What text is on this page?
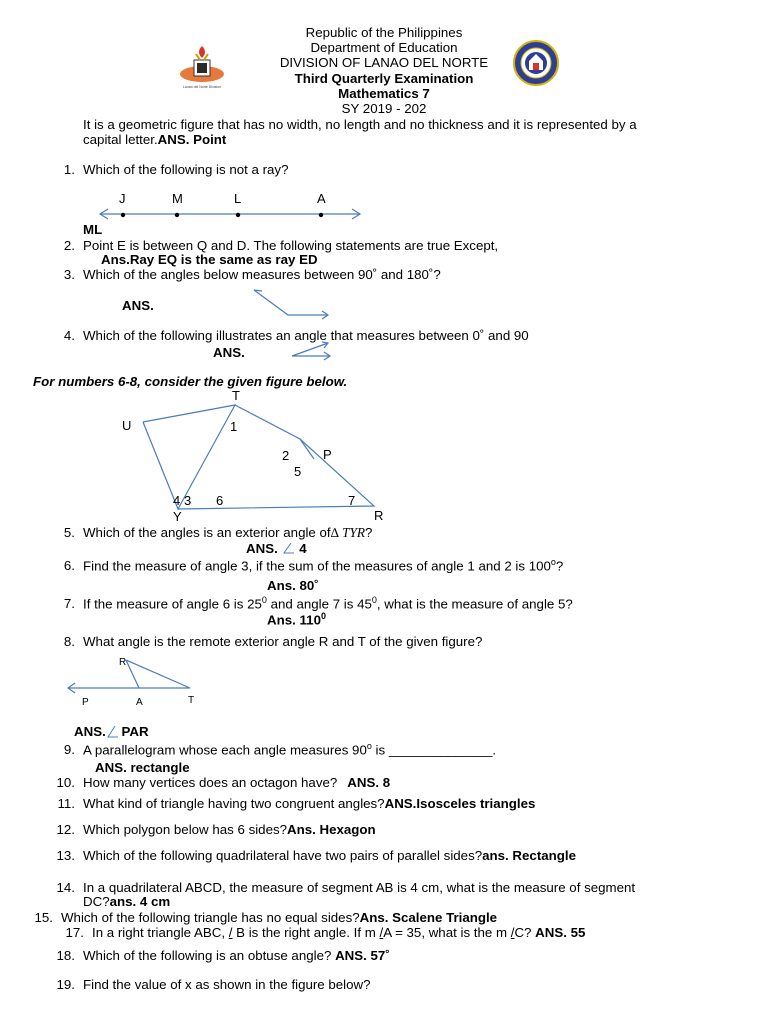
Republic of the Philippines
Department of Education
DIVISION OF LANAO DEL NORTE
Third Quarterly Examination
Mathematics 7
SY 2019 - 202
Lanao del Norte Division
It is a geometric figure that has no width, no length and no thickness and it is represented by a
capital letter.ANS. Point
1. Which of the following is not a ray?
J	M	L	A
ML
2. Point E is between Q and D. The following statements are true Except,
Ans.Ray EQ is the same as ray ED
3. Which of the angles below measures between 90˚ and 180˚?
ANS.
4. Which of the following illustrates an angle that measures between 0˚ and 90
ANS.
For numbers 6-8, consider the given figure below.
T
U
P
Y	R
1
2
5
4 3 6	7
5. Which of the angles is an exterior angle of∆ TYR?
ANS. 4
6. Find the measure of angle 3, if the sum of the measures of angle 1 and 2 is 100$^o$?
Ans. 80˚
7. If the measure of angle 6 is $25^0$ and angle 7 is $45^0$, what is the measure of angle 5?
Ans. $110^0$
8. What angle is the remote exterior angle R and T of the given figure?
R
P	A	T
ANS. PAR
9. A parallelogram whose each angle measures 90$^o$ is ______________.
ANS. rectangle
10. How many vertices does an octagon have? ANS. 8
11. What kind of triangle having two congruent angles?ANS.Isosceles triangles
12. Which polygon below has 6 sides?Ans. Hexagon
13. Which of the following quadrilateral have two pairs of parallel sides?ans. Rectangle
14. In a quadrilateral ABCD, the measure of segment AB is 4 cm, what is the measure of segment
DC?ans. 4 cm
15. Which of the following triangle has no equal sides?Ans. Scalene Triangle
17. In a right triangle ABC, / B is the right angle. If m /A = 35, what is the m /C? ANS. 55
18. Which of the following is an obtuse angle? ANS. 57˚
19. Find the value of x as shown in the figure below?
